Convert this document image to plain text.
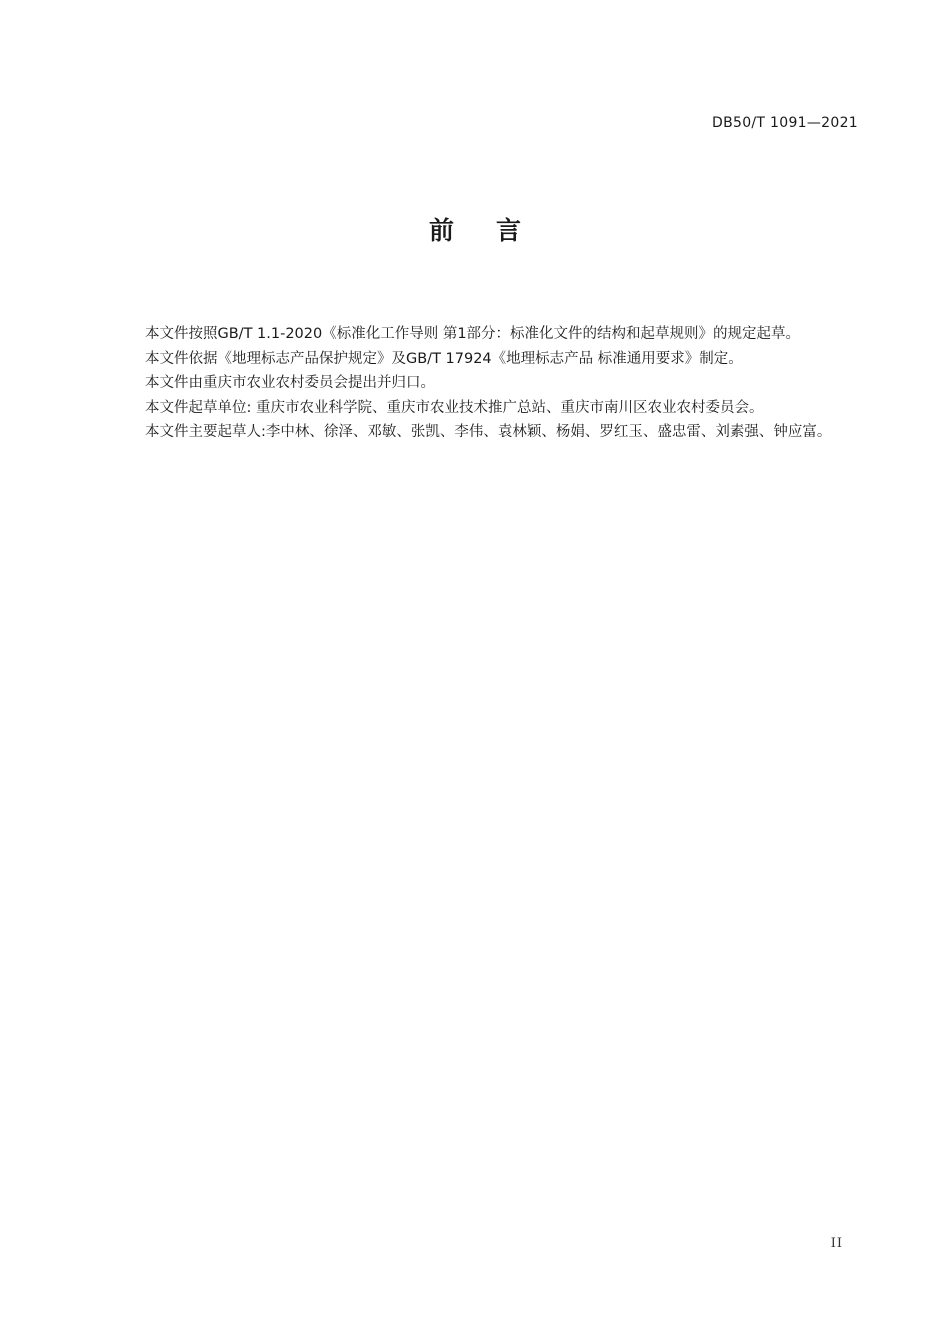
DB50/T 1091—2021
前言

本文件按照GB/T 1.1-2020《标准化工作导则 第1部分：标准化文件的结构和起草规则》的规定起草。

本文件依据《地理标志产品保护规定》及GB/T 17924《地理标志产品 标准通用要求》制定。

本文件由重庆市农业农村委员会提出并归口。

本文件起草单位: 重庆市农业科学院、重庆市农业技术推广总站、重庆市南川区农业农村委员会。

本文件主要起草人:李中林、徐泽、邓敏、张凯、李伟、袁林颖、杨娟、罗红玉、盛忠雷、刘素强、钟应富。

II
